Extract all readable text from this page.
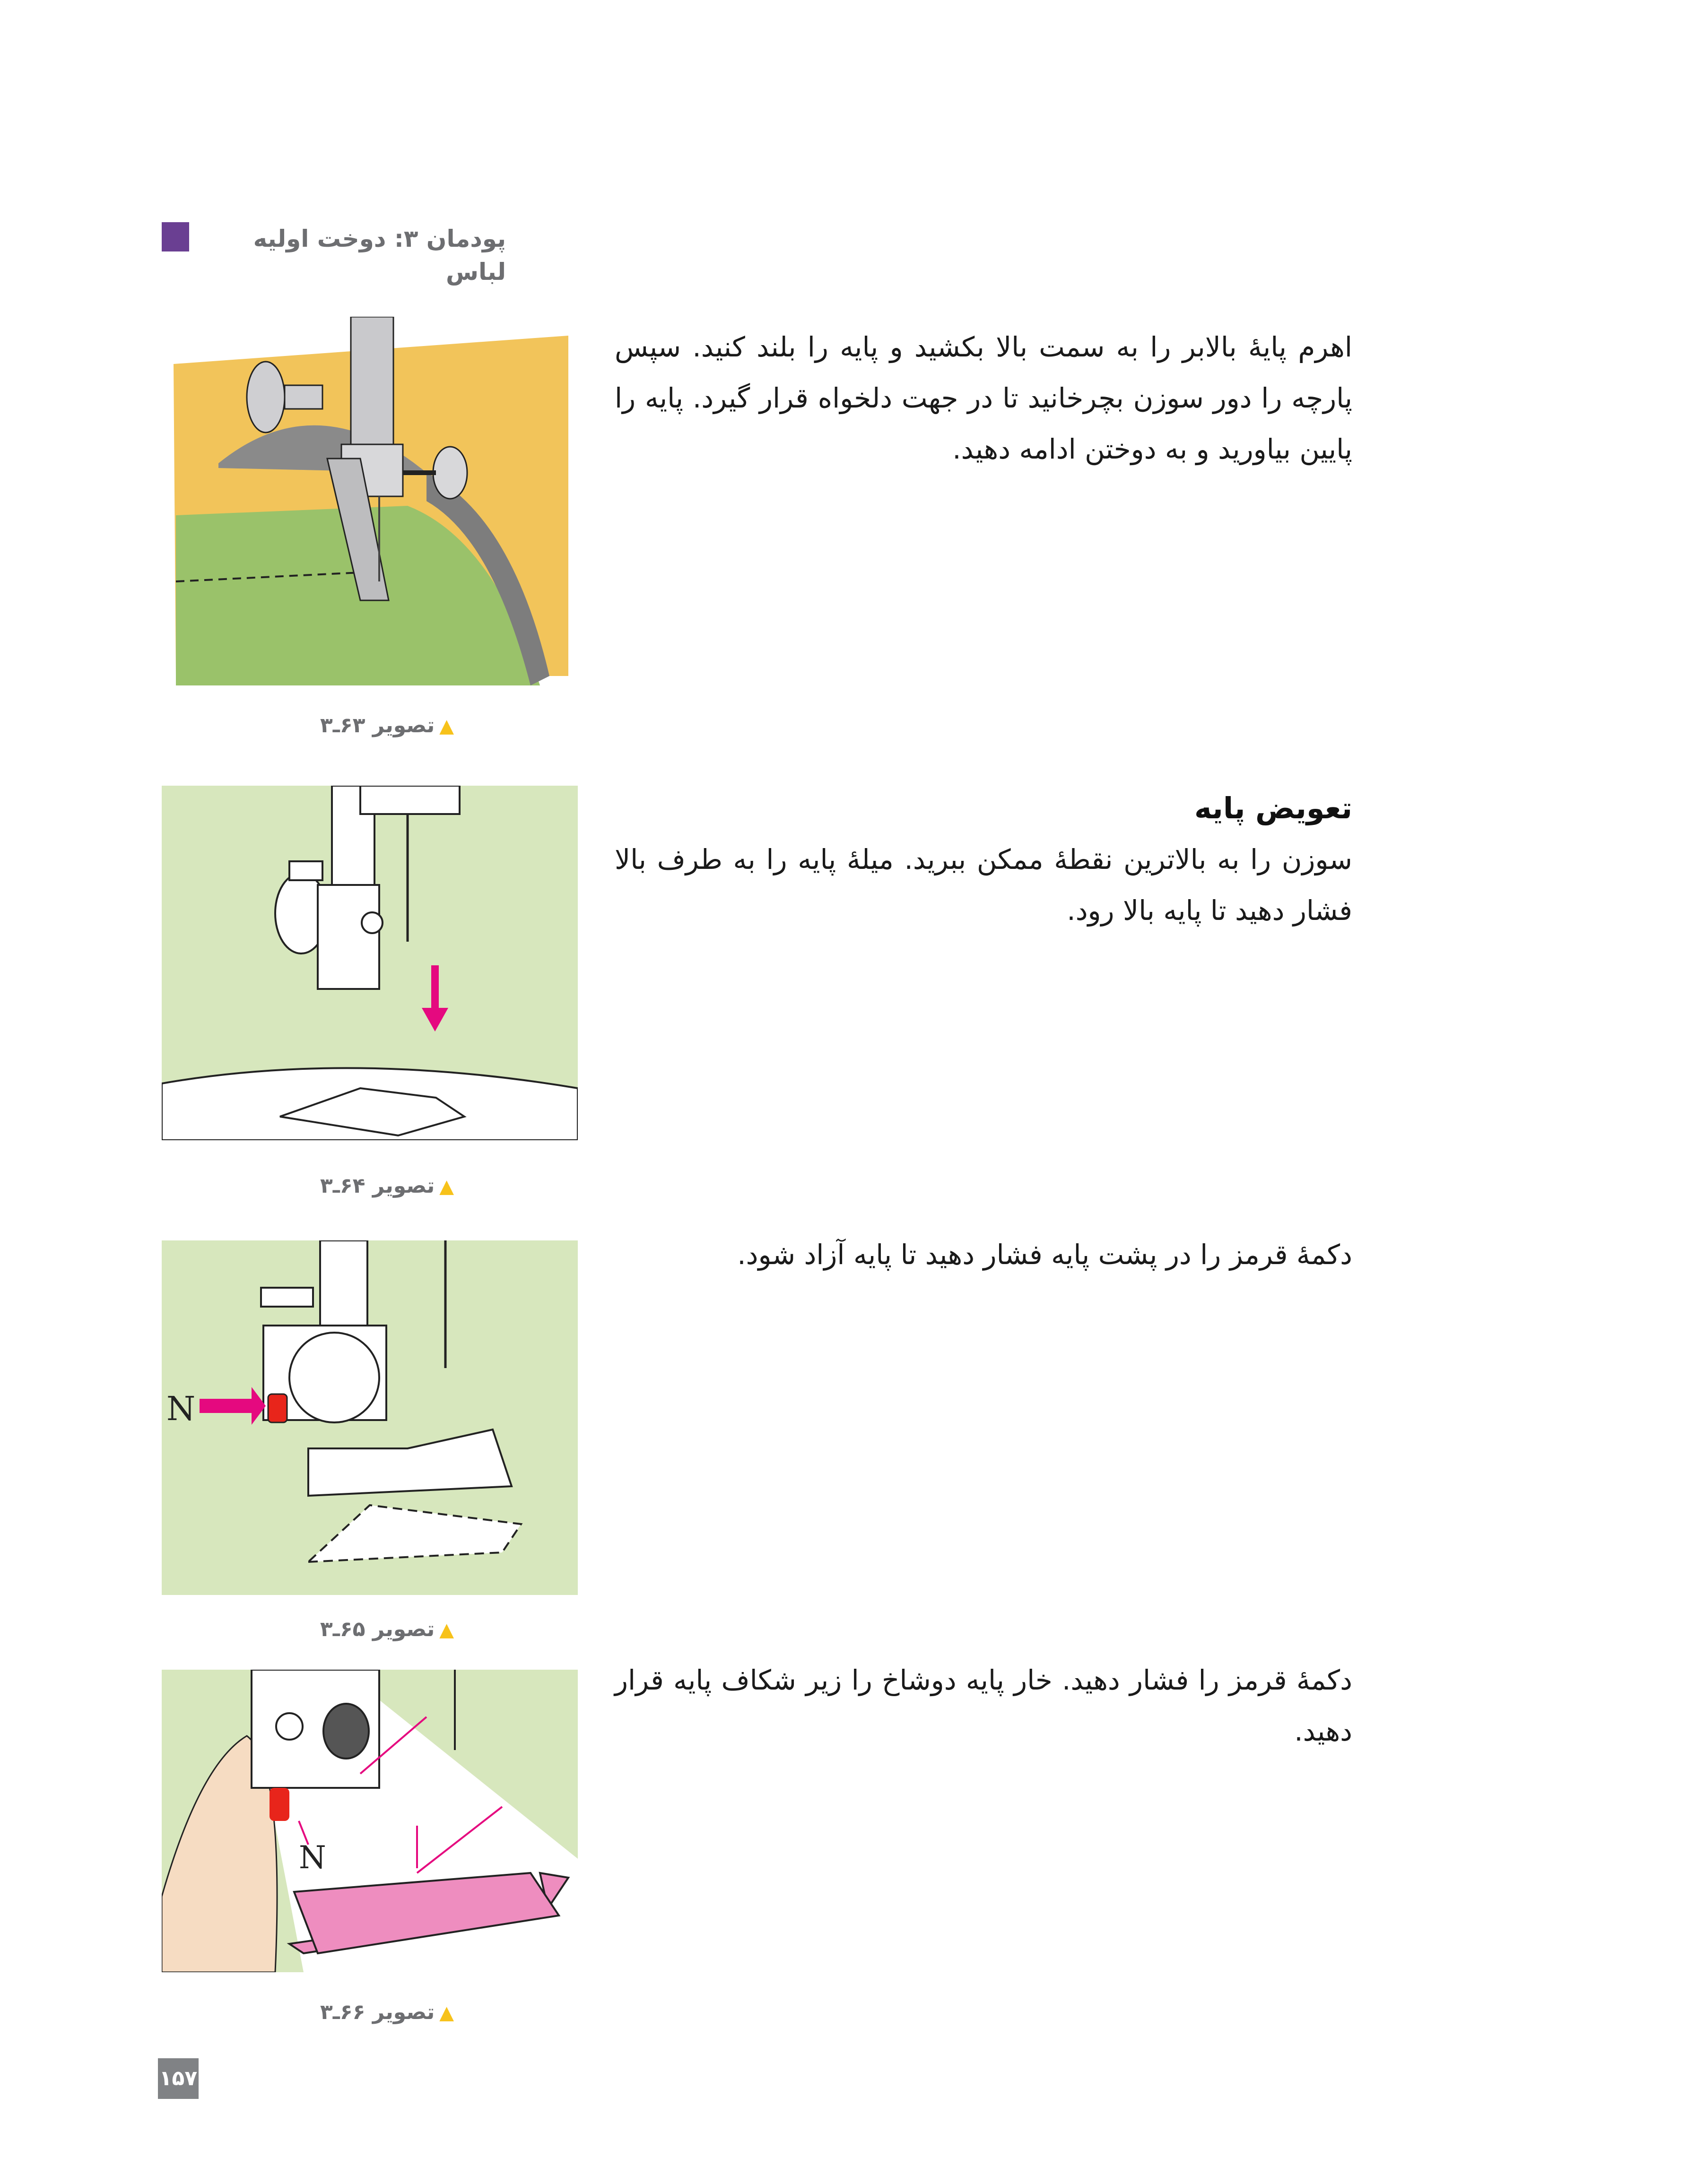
پودمان ۳: دوخت اولیه لباس
اهرم پایۀ بالابر را به سمت بالا بکشید و پایه را بلند کنید. سپس پارچه را دور سوزن بچرخانید تا در جهت دلخواه قرار گیرد. پایه را پایین بیاورید و به دوختن ادامه دهید.
▲تصویر ۶۳ـ۳
تعویض پایه
سوزن را به بالاترین نقطۀ ممکن ببرید. میلۀ پایه را به طرف بالا فشار دهید تا پایه بالا رود.
▲تصویر ۶۴ـ۳
دکمۀ قرمز را در پشت پایه فشار دهید تا پایه آزاد شود.
N
▲تصویر ۶۵ـ۳
دکمۀ قرمز را فشار دهید. خار پایه دوشاخ را زیر شکاف پایه قرار دهید.
N
▲تصویر ۶۶ـ۳
۱۵۷
